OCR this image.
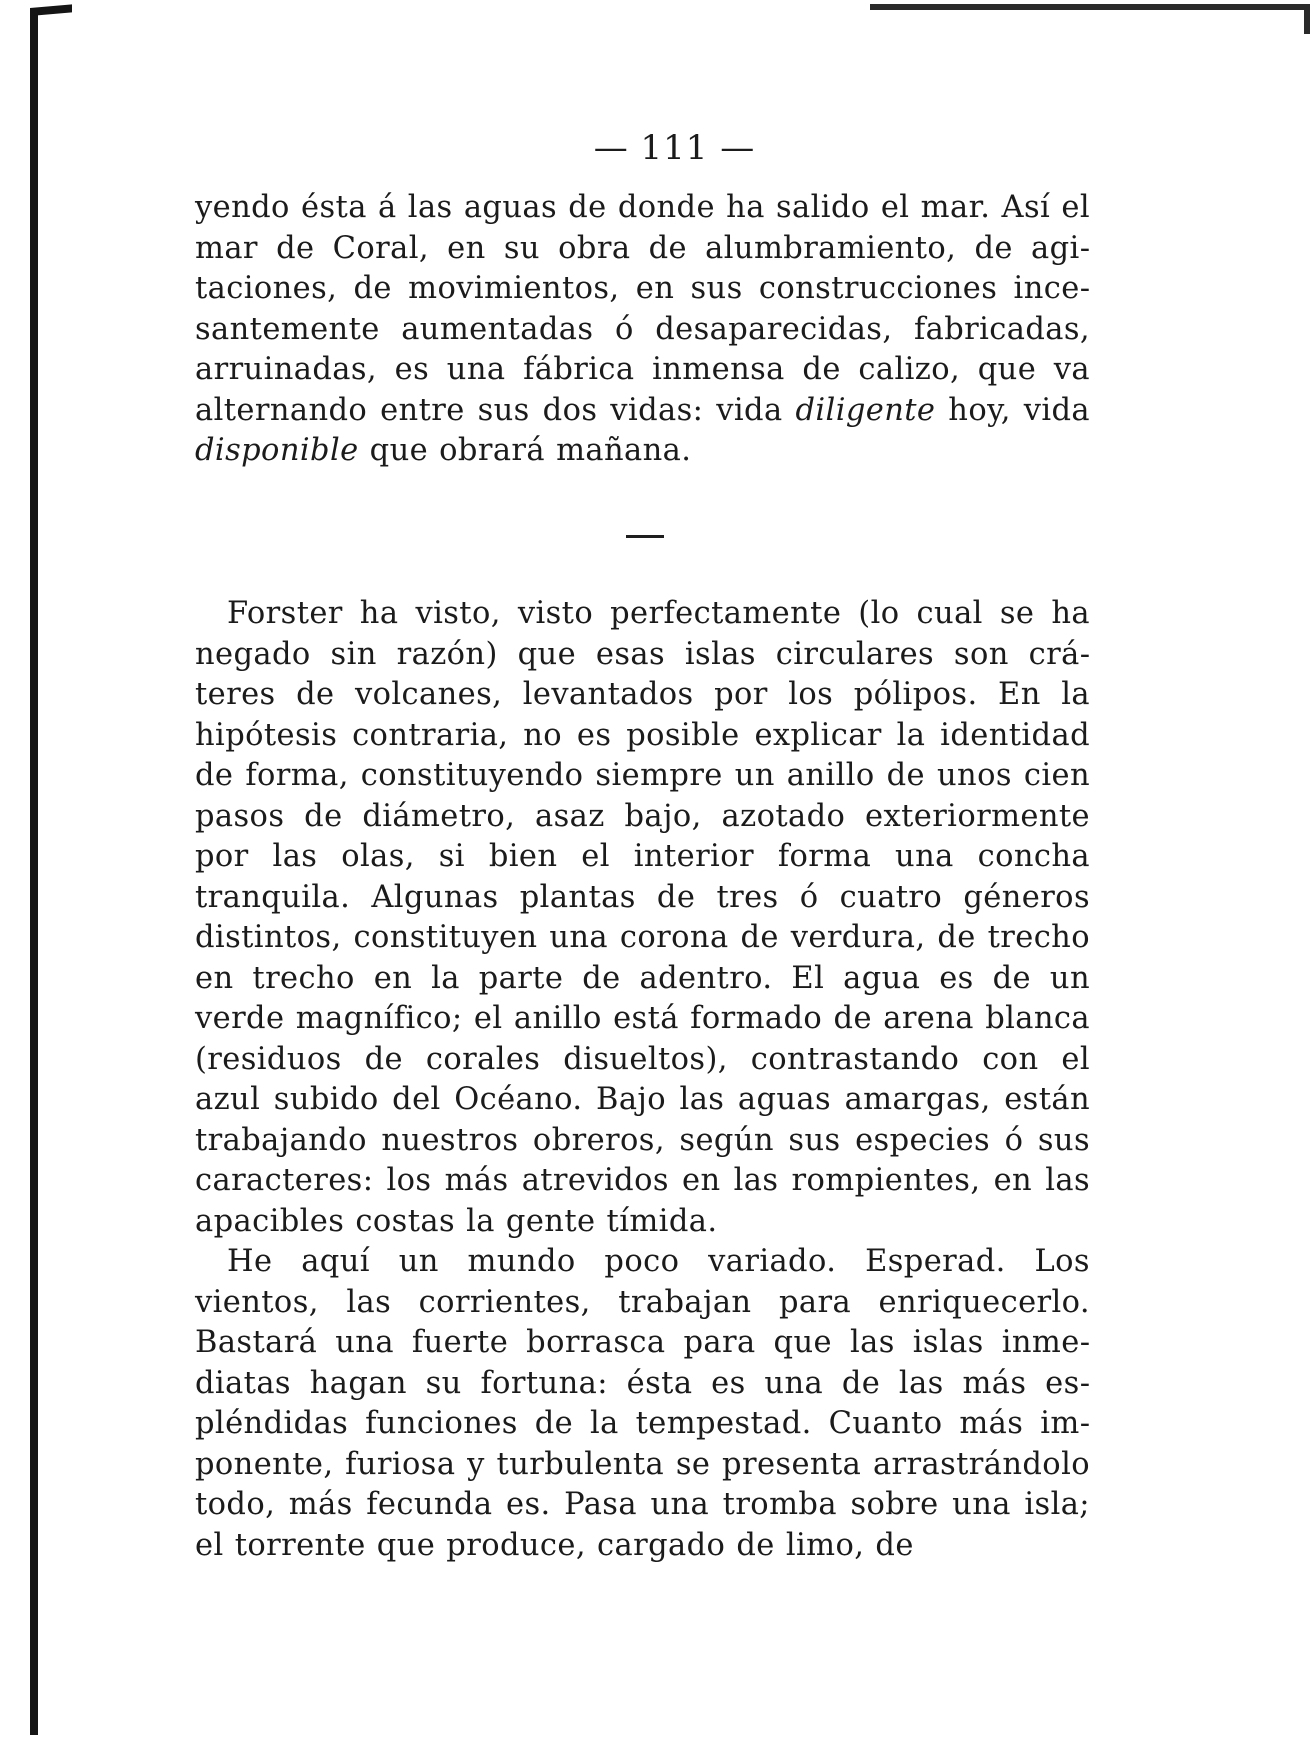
— 111 —

yendo ésta á las aguas de donde ha salido el mar. Así el mar de Coral, en su obra de alumbramiento, de agitaciones, de movimientos, en sus construcciones incesantemente aumentadas ó desaparecidas, fabricadas, arruinadas, es una fábrica inmensa de calizo, que va alternando entre sus dos vidas: vida diligente hoy, vida disponible que obrará mañana.

Forster ha visto, visto perfectamente (lo cual se ha negado sin razón) que esas islas circulares son cráteres de volcanes, levantados por los pólipos. En la hipótesis contraria, no es posible explicar la identidad de forma, constituyendo siempre un anillo de unos cien pasos de diámetro, asaz bajo, azotado exteriormente por las olas, si bien el interior forma una concha tranquila. Algunas plantas de tres ó cuatro géneros distintos, constituyen una corona de verdura, de trecho en trecho en la parte de adentro. El agua es de un verde magnífico; el anillo está formado de arena blanca (residuos de corales disueltos), contrastando con el azul subido del Océano. Bajo las aguas amargas, están trabajando nuestros obreros, según sus especies ó sus caracteres: los más atrevidos en las rompientes, en las apacibles costas la gente tímida.

He aquí un mundo poco variado. Esperad. Los vientos, las corrientes, trabajan para enriquecerlo. Bastará una fuerte borrasca para que las islas inmediatas hagan su fortuna: ésta es una de las más espléndidas funciones de la tempestad. Cuanto más imponente, furiosa y turbulenta se presenta arrastrándolo todo, más fecunda es. Pasa una tromba sobre una isla; el torrente que produce, cargado de limo, de
